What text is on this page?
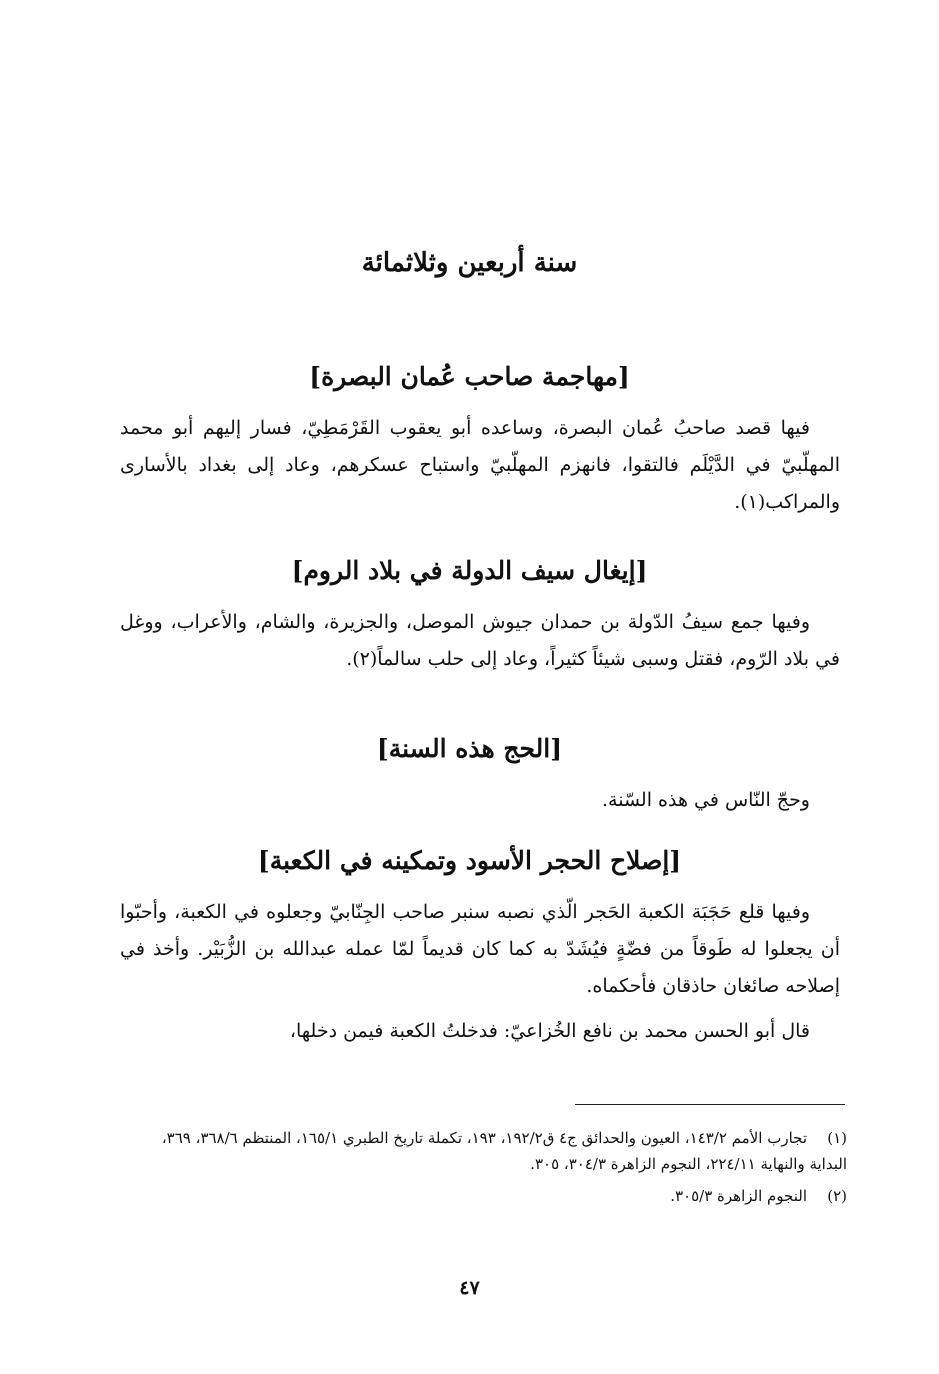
سنة أربعين وثلاثمائة
[مهاجمة صاحب عُمان البصرة]

فيها قصد صاحبُ عُمان البصرة، وساعده أبو يعقوب القَرْمَطِيّ، فسار إليهم أبو محمد المهلّبيّ في الدَّيْلَم فالتقوا، فانهزم المهلّبيّ واستباح عسكرهم، وعاد إلى بغداد بالأسارى والمراكب(١).

[إيغال سيف الدولة في بلاد الروم]

وفيها جمع سيفُ الدّولة بن حمدان جيوش الموصل، والجزيرة، والشام، والأعراب، ووغل في بلاد الرّوم، فقتل وسبى شيئاً كثيراً، وعاد إلى حلب سالماً(٢).

[الحج هذه السنة]

وحجّ النّاس في هذه السّنة.

[إصلاح الحجر الأسود وتمكينه في الكعبة]

وفيها قلع حَجَبَة الكعبة الحَجر الّذي نصبه سنبر صاحب الجِنّابيّ وجعلوه في الكعبة، وأحبّوا أن يجعلوا له طَوقاً من فضّةٍ فيُشَدّ به كما كان قديماً لمّا عمله عبدالله بن الزُّبَيْر. وأخذ في إصلاحه صائغان حاذقان فأحكماه.

قال أبو الحسن محمد بن نافع الخُزاعيّ: فدخلتُ الكعبة فيمن دخلها،

(١)تجارب الأمم ١٤٣/٢، العيون والحدائق ج٤ ق١٩٢/٢، ١٩٣، تكملة تاريخ الطبري ١٦٥/١، المنتظم ٣٦٨/٦، ٣٦٩، البداية والنهاية ٢٢٤/١١، النجوم الزاهرة ٣٠٤/٣، ٣٠٥.
(٢)النجوم الزاهرة ٣٠٥/٣.
٤٧
